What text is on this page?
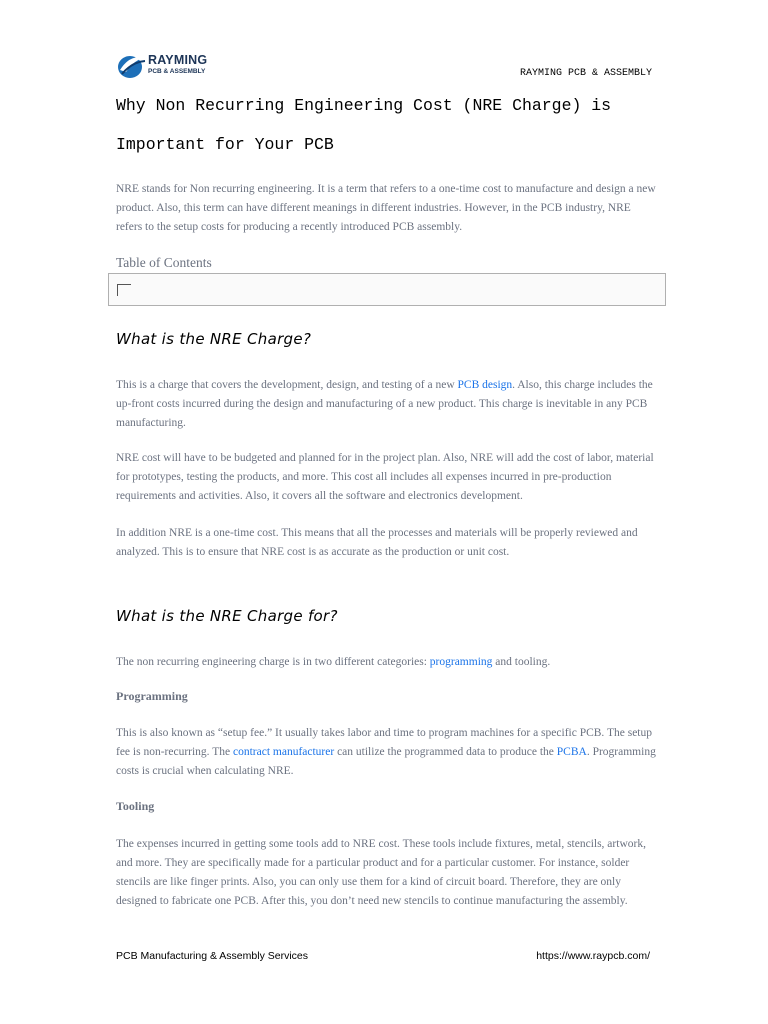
RAYMING
PCB & ASSEMBLY	RAYMING PCB & ASSEMBLY
Why Non Recurring Engineering Cost (NRE Charge) is Important for Your PCB

NRE stands for Non recurring engineering. It is a term that refers to a one-time cost to manufacture and design a new product. Also, this term can have different meanings in different industries. However, in the PCB industry, NRE refers to the setup costs for producing a recently introduced PCB assembly.

Table of Contents
What is the NRE Charge?

This is a charge that covers the development, design, and testing of a new PCB design. Also, this charge includes the up-front costs incurred during the design and manufacturing of a new product. This charge is inevitable in any PCB manufacturing.

NRE cost will have to be budgeted and planned for in the project plan. Also, NRE will add the cost of labor, material for prototypes, testing the products, and more. This cost all includes all expenses incurred in pre-production requirements and activities. Also, it covers all the software and electronics development.

In addition NRE is a one-time cost. This means that all the processes and materials will be properly reviewed and analyzed. This is to ensure that NRE cost is as accurate as the production or unit cost.

What is the NRE Charge for?

The non recurring engineering charge is in two different categories: programming and tooling.

Programming

This is also known as “setup fee.” It usually takes labor and time to program machines for a specific PCB. The setup fee is non-recurring. The contract manufacturer can utilize the programmed data to produce the PCBA. Programming costs is crucial when calculating NRE.

Tooling

The expenses incurred in getting some tools add to NRE cost. These tools include fixtures, metal, stencils, artwork, and more. They are specifically made for a particular product and for a particular customer. For instance, solder stencils are like finger prints. Also, you can only use them for a kind of circuit board. Therefore, they are only designed to fabricate one PCB. After this, you don’t need new stencils to continue manufacturing the assembly.

PCB Manufacturing & Assembly Services	https://www.raypcb.com/
